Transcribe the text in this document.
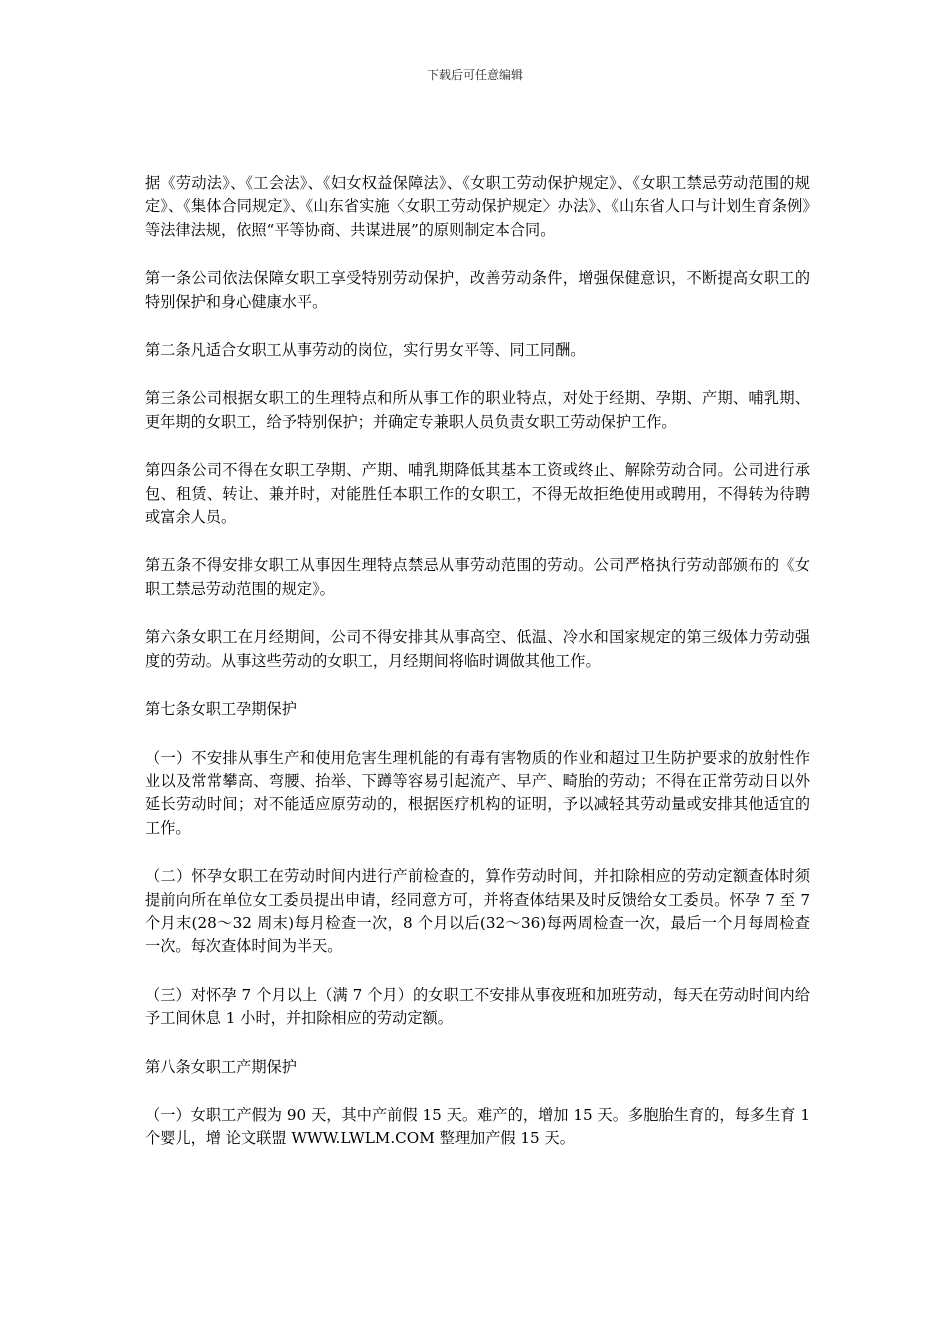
下载后可任意编辑

据《劳动法》、《工会法》、《妇女权益保障法》、《女职工劳动保护规定》、《女职工禁忌劳动范围的规定》、《集体合同规定》、《山东省实施〈女职工劳动保护规定〉办法》、《山东省人口与计划生育条例》等法律法规，依照“平等协商、共谋进展”的原则制定本合同。

第一条公司依法保障女职工享受特别劳动保护，改善劳动条件，增强保健意识，不断提高女职工的特别保护和身心健康水平。

第二条凡适合女职工从事劳动的岗位，实行男女平等、同工同酬。

第三条公司根据女职工的生理特点和所从事工作的职业特点，对处于经期、孕期、产期、哺乳期、更年期的女职工，给予特别保护；并确定专兼职人员负责女职工劳动保护工作。

第四条公司不得在女职工孕期、产期、哺乳期降低其基本工资或终止、解除劳动合同。公司进行承包、租赁、转让、兼并时，对能胜任本职工作的女职工，不得无故拒绝使用或聘用，不得转为待聘或富余人员。

第五条不得安排女职工从事因生理特点禁忌从事劳动范围的劳动。公司严格执行劳动部颁布的《女职工禁忌劳动范围的规定》。

第六条女职工在月经期间，公司不得安排其从事高空、低温、冷水和国家规定的第三级体力劳动强度的劳动。从事这些劳动的女职工，月经期间将临时调做其他工作。

第七条女职工孕期保护

（一）不安排从事生产和使用危害生理机能的有毒有害物质的作业和超过卫生防护要求的放射性作业以及常常攀高、弯腰、抬举、下蹲等容易引起流产、早产、畸胎的劳动；不得在正常劳动日以外延长劳动时间；对不能适应原劳动的，根据医疗机构的证明，予以减轻其劳动量或安排其他适宜的工作。

（二）怀孕女职工在劳动时间内进行产前检查的，算作劳动时间，并扣除相应的劳动定额查体时须提前向所在单位女工委员提出申请，经同意方可，并将查体结果及时反馈给女工委员。怀孕 7 至 7 个月末(28～32 周末)每月检查一次，8 个月以后(32～36)每两周检查一次，最后一个月每周检查一次。每次查体时间为半天。

（三）对怀孕 7 个月以上（满 7 个月）的女职工不安排从事夜班和加班劳动，每天在劳动时间内给予工间休息 1 小时，并扣除相应的劳动定额。

第八条女职工产期保护

（一）女职工产假为 90 天，其中产前假 15 天。难产的，增加 15 天。多胞胎生育的，每多生育 1 个婴儿，增 论文联盟 WWW.LWLM.COM 整理加产假 15 天。
